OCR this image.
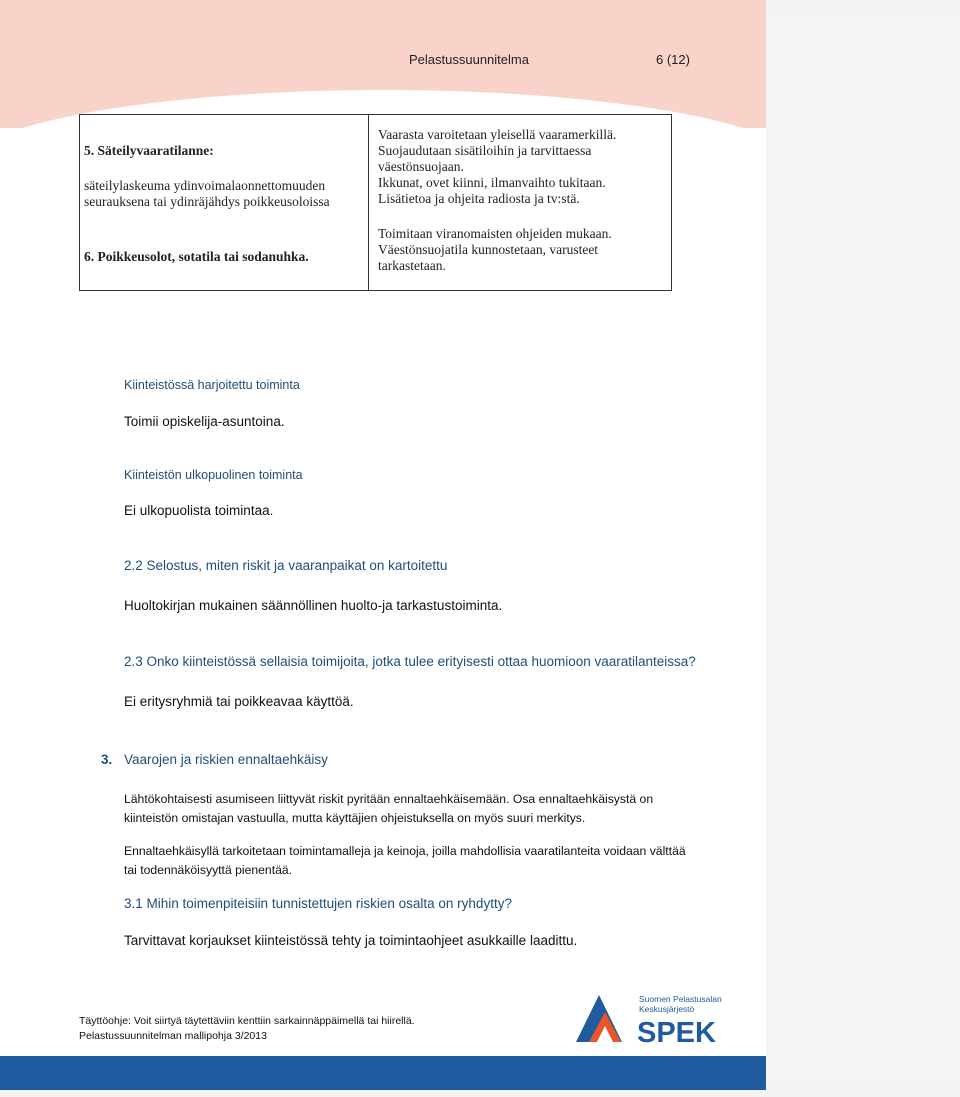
Pelastussuunnitelma	6 (12)
5. Säteilyvaaratilanne:
säteilylaskeuma ydinvoimalaonnettomuuden
seurauksena tai ydinräjähdys poikkeusoloissa
6. Poikkeusolot, sotatila tai sodanuhka.
Vaarasta varoitetaan yleisellä vaaramerkillä.
Suojaudutaan sisätiloihin ja tarvittaessa
väestönsuojaan.
Ikkunat, ovet kiinni, ilmanvaihto tukitaan.
Lisätietoa ja ohjeita radiosta ja tv:stä.
Toimitaan viranomaisten ohjeiden mukaan.
Väestönsuojatila kunnostetaan, varusteet
tarkastetaan.
Kiinteistössä harjoitettu toiminta
Toimii opiskelija-asuntoina.
Kiinteistön ulkopuolinen toiminta
Ei ulkopuolista toimintaa.
2.2 Selostus, miten riskit ja vaaranpaikat on kartoitettu
Huoltokirjan mukainen säännöllinen huolto-ja tarkastustoiminta.
2.3 Onko kiinteistössä sellaisia toimijoita, jotka tulee erityisesti ottaa huomioon vaaratilanteissa?
Ei eritysryhmiä tai poikkeavaa käyttöä.
3. Vaarojen ja riskien ennaltaehkäisy
Lähtökohtaisesti asumiseen liittyvät riskit pyritään ennaltaehkäisemään. Osa ennaltaehkäisystä on
kiinteistön omistajan vastuulla, mutta käyttäjien ohjeistuksella on myös suuri merkitys.
Ennaltaehkäisyllä tarkoitetaan toimintamalleja ja keinoja, joilla mahdollisia vaaratilanteita voidaan välttää
tai todennäköisyyttä pienentää.
3.1 Mihin toimenpiteisiin tunnistettujen riskien osalta on ryhdytty?
Tarvittavat korjaukset kiinteistössä tehty ja toimintaohjeet asukkaille laadittu.
Täyttöohje: Voit siirtyä täytettäviin kenttiin sarkainnäppäimellä tai hiirellä.
Pelastussuunnitelman mallipohja 3/2013
Suomen Pelastusalan
Keskusjärjestö
SPEK
